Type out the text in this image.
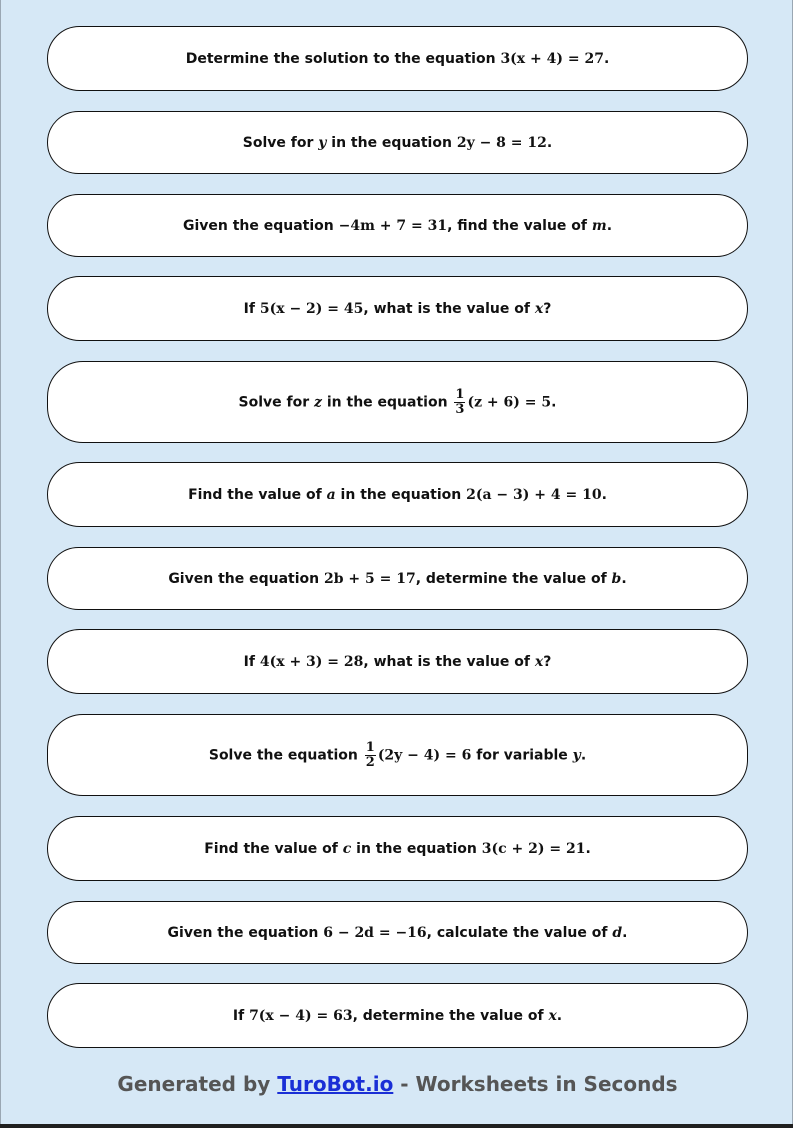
Determine the solution to the equation 3(x + 4) = 27.
Solve for y in the equation 2y − 8 = 12.
Given the equation −4m + 7 = 31, find the value of m.
If 5(x − 2) = 45, what is the value of x?
Solve for z in the equation $\frac{1}{3} (z + 6) = 5$.
Find the value of a in the equation 2(a − 3) + 4 = 10.
Given the equation 2b + 5 = 17, determine the value of b.
If 4(x + 3) = 28, what is the value of x?
Solve the equation $\frac{1}{2} (2y - 4) = 6$ for variable y.
Find the value of c in the equation 3(c + 2) = 21.
Given the equation 6 − 2d = −16, calculate the value of d.
If 7(x − 4) = 63, determine the value of x.
Generated by TuroBot.io - Worksheets in Seconds
